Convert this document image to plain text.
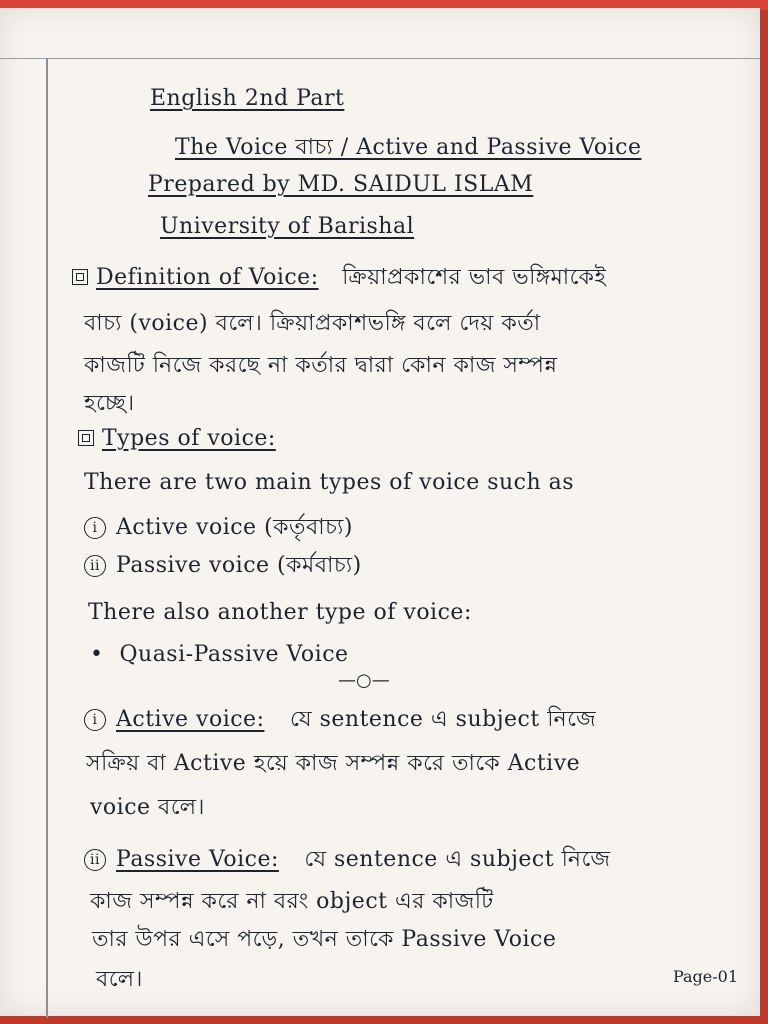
English 2nd Part
The Voice বাচ্য / Active and Passive Voice
Prepared by MD. SAIDUL ISLAM
University of Barishal
Definition of Voice: ক্রিয়াপ্রকাশের ভাব ভঙ্গিমাকেই
বাচ্য (voice) বলে। ক্রিয়াপ্রকাশভঙ্গি বলে দেয় কর্তা
কাজটি নিজে করছে না কর্তার দ্বারা কোন কাজ সম্পন্ন
হচ্ছে।
Types of voice:
There are two main types of voice such as
i Active voice (কর্তৃবাচ্য)
ii Passive voice (কর্মবাচ্য)
There also another type of voice:
• Quasi-Passive Voice
—○—
i Active voice: যে sentence এ subject নিজে
সক্রিয় বা Active হয়ে কাজ সম্পন্ন করে তাকে Active
voice বলে।
ii Passive Voice: যে sentence এ subject নিজে
কাজ সম্পন্ন করে না বরং object এর কাজটি
তার উপর এসে পড়ে, তখন তাকে Passive Voice
বলে।	Page-01
